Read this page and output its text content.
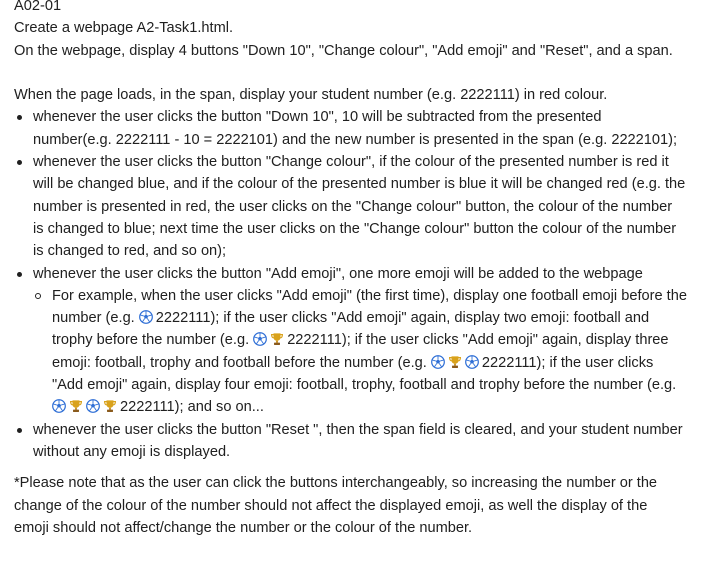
A02-01

Create a webpage A2-Task1.html.

On the webpage, display 4 buttons "Down 10", "Change colour", "Add emoji" and "Reset", and a span.

When the page loads, in the span, display your student number (e.g. 2222111) in red colour.

whenever the user clicks the button "Down 10", 10 will be subtracted from the presented

number(e.g. 2222111 - 10 = 2222101) and the new number is presented in the span (e.g. 2222101);

whenever the user clicks the button "Change colour", if the colour of the presented number is red it

will be changed blue, and if the colour of the presented number is blue it will be changed red (e.g. the

number is presented in red, the user clicks on the "Change colour" button, the colour of the number

is changed to blue; next time the user clicks on the "Change colour" button the colour of the number

is changed to red, and so on);

whenever the user clicks the button "Add emoji", one more emoji will be added to the webpage

For example, when the user clicks "Add emoji" (the first time), display one football emoji before the

number (e.g.
2222111); if the user clicks "Add emoji" again, display two emoji: football and

trophy before the number (e.g.
2222111); if the user clicks "Add emoji" again, display three

emoji: football, trophy and football before the number (e.g.	2222111); if the user clicks

"Add emoji" again, display four emoji: football, trophy, football and trophy before the number (e.g.

2222111); and so on...

whenever the user clicks the button "Reset ", then the span field is cleared, and your student number

without any emoji is displayed.

*Please note that as the user can click the buttons interchangeably, so increasing the number or the

change of the colour of the number should not affect the displayed emoji, as well the display of the

emoji should not affect/change the number or the colour of the number.
